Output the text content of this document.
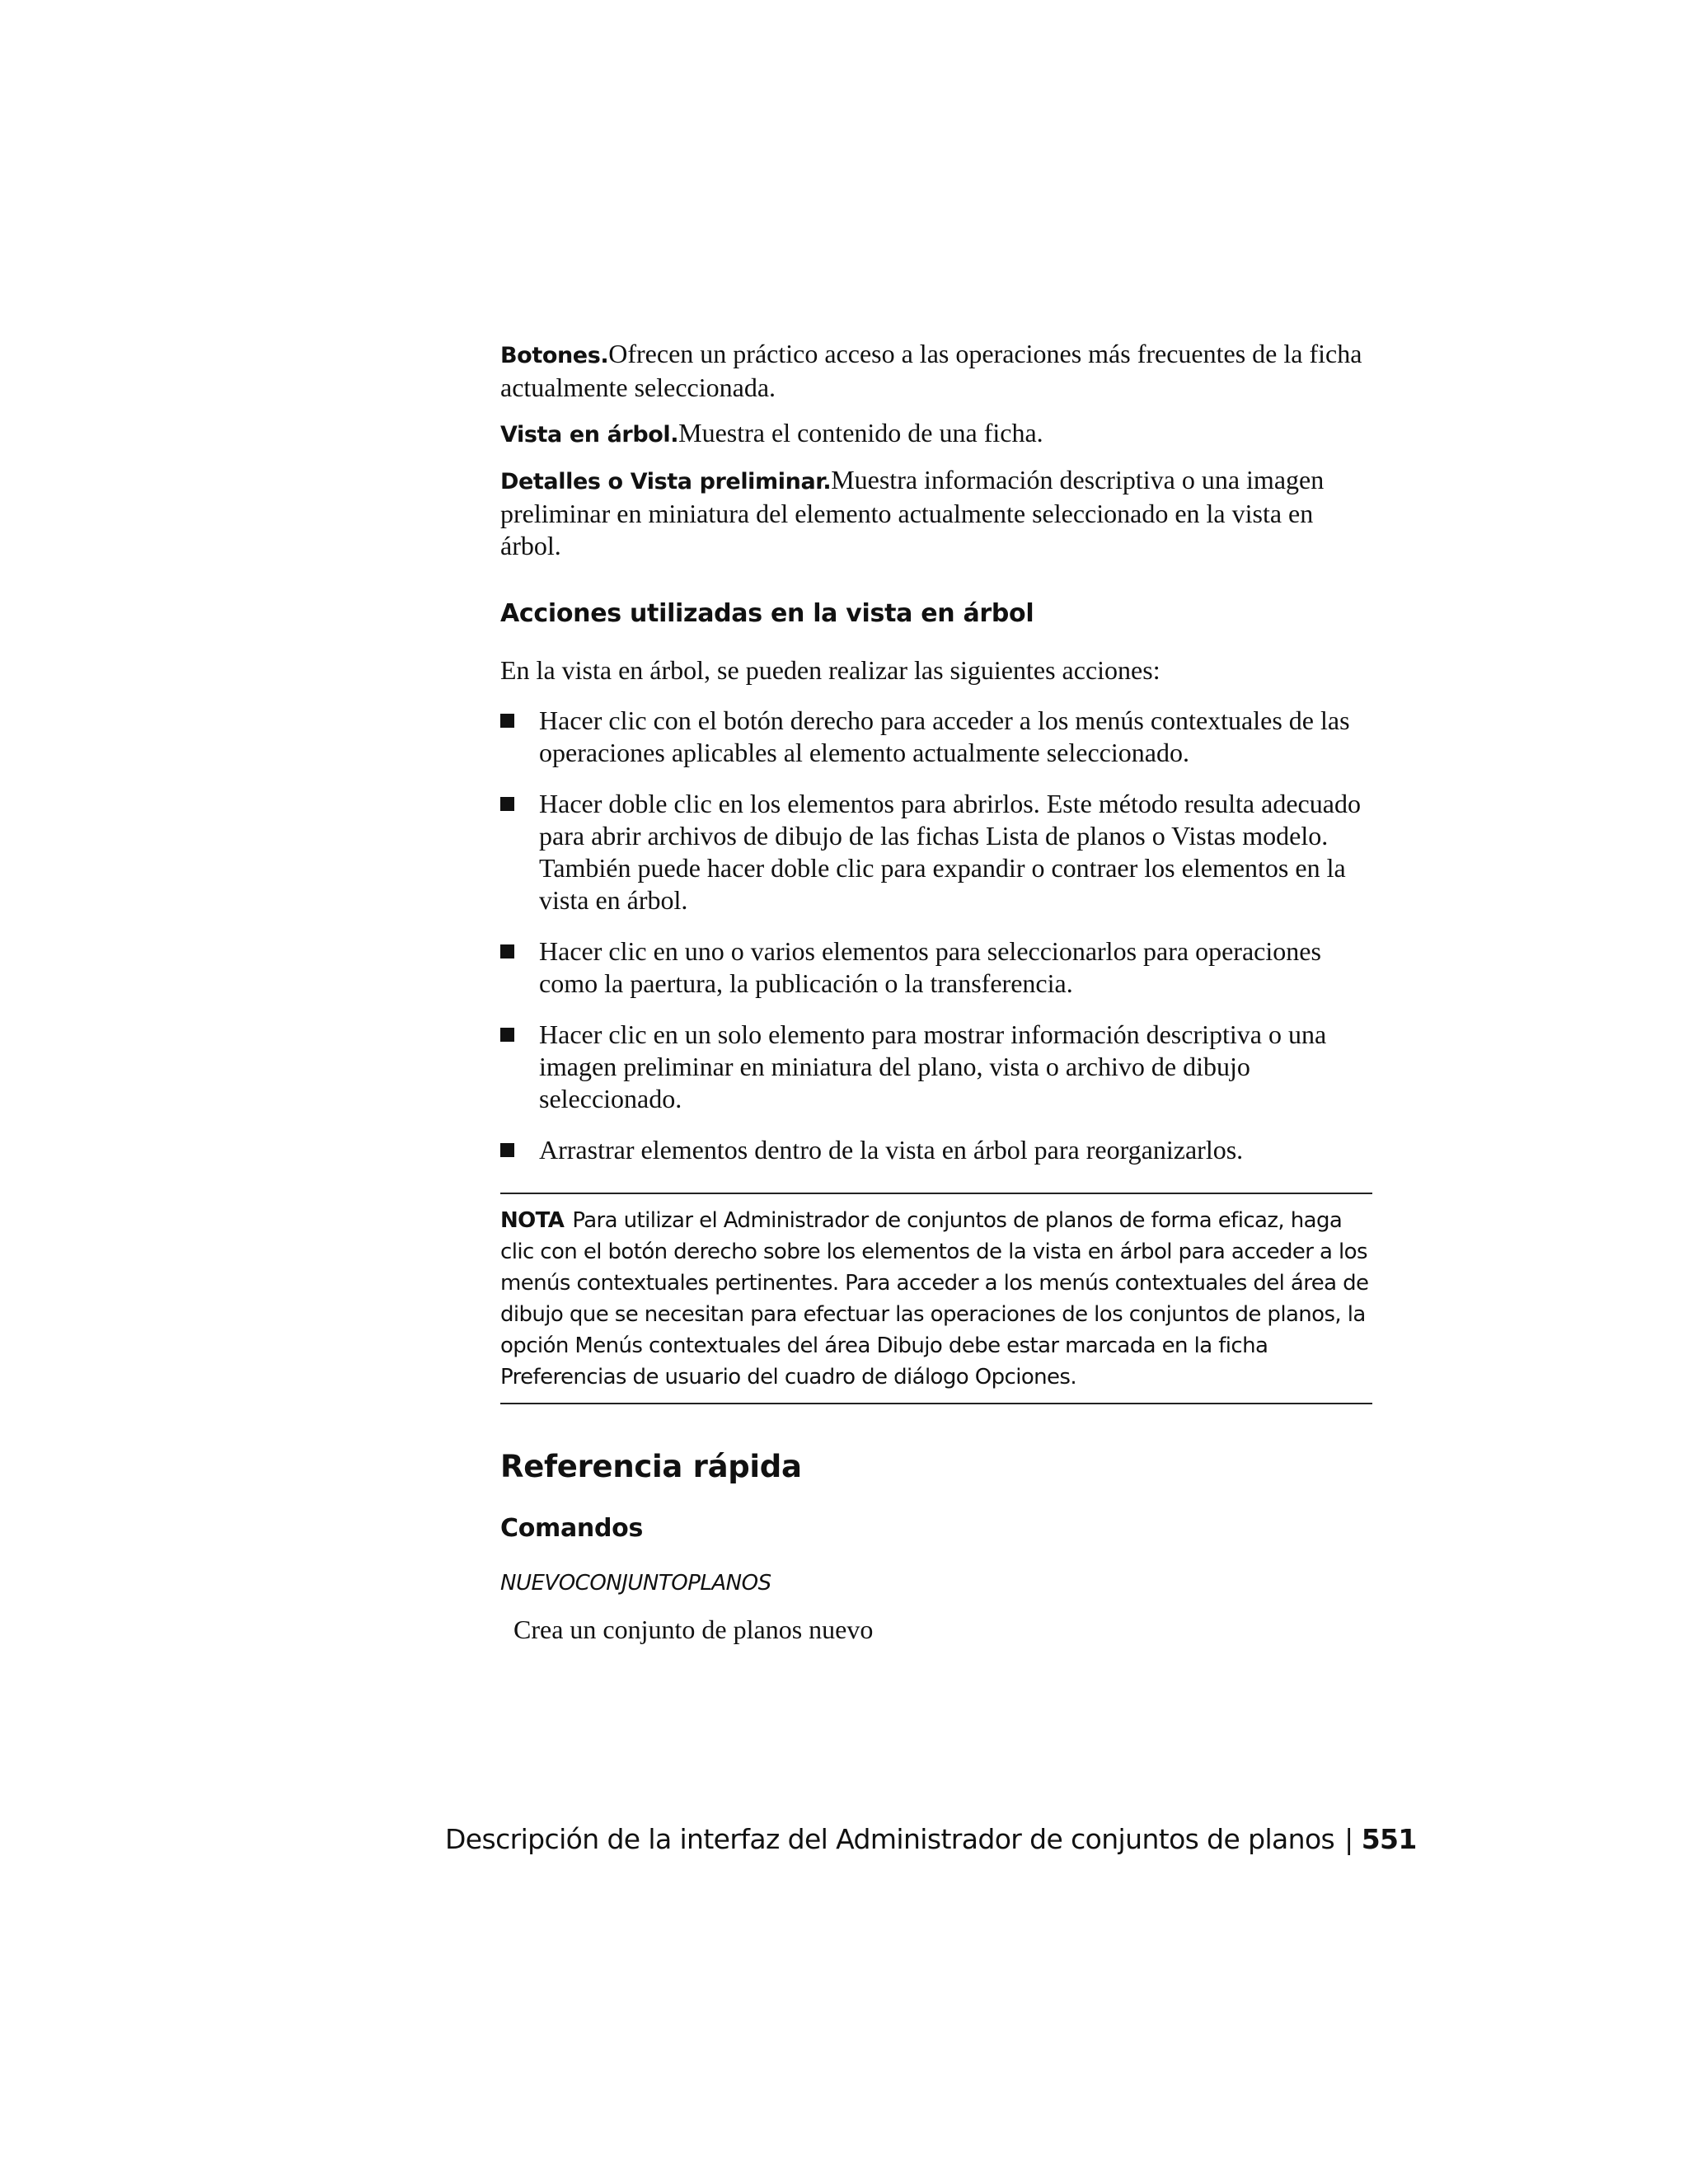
Botones.Ofrecen un práctico acceso a las operaciones más frecuentes de la ficha actualmente seleccionada.

Vista en árbol.Muestra el contenido de una ficha.

Detalles o Vista preliminar.Muestra información descriptiva o una imagen preliminar en miniatura del elemento actualmente seleccionado en la vista en árbol.

Acciones utilizadas en la vista en árbol

En la vista en árbol, se pueden realizar las siguientes acciones:

Hacer clic con el botón derecho para acceder a los menús contextuales de las operaciones aplicables al elemento actualmente seleccionado.
Hacer doble clic en los elementos para abrirlos. Este método resulta adecuado para abrir archivos de dibujo de las fichas Lista de planos o Vistas modelo. También puede hacer doble clic para expandir o contraer los elementos en la vista en árbol.
Hacer clic en uno o varios elementos para seleccionarlos para operaciones como la paertura, la publicación o la transferencia.
Hacer clic en un solo elemento para mostrar información descriptiva o una imagen preliminar en miniatura del plano, vista o archivo de dibujo seleccionado.
Arrastrar elementos dentro de la vista en árbol para reorganizarlos.
NOTA Para utilizar el Administrador de conjuntos de planos de forma eficaz, haga clic con el botón derecho sobre los elementos de la vista en árbol para acceder a los menús contextuales pertinentes. Para acceder a los menús contextuales del área de dibujo que se necesitan para efectuar las operaciones de los conjuntos de planos, la opción Menús contextuales del área Dibujo debe estar marcada en la ficha Preferencias de usuario del cuadro de diálogo Opciones.
Referencia rápida
Comandos

NUEVOCONJUNTOPLANOS

Crea un conjunto de planos nuevo

Descripción de la interfaz del Administrador de conjuntos de planos | 551
